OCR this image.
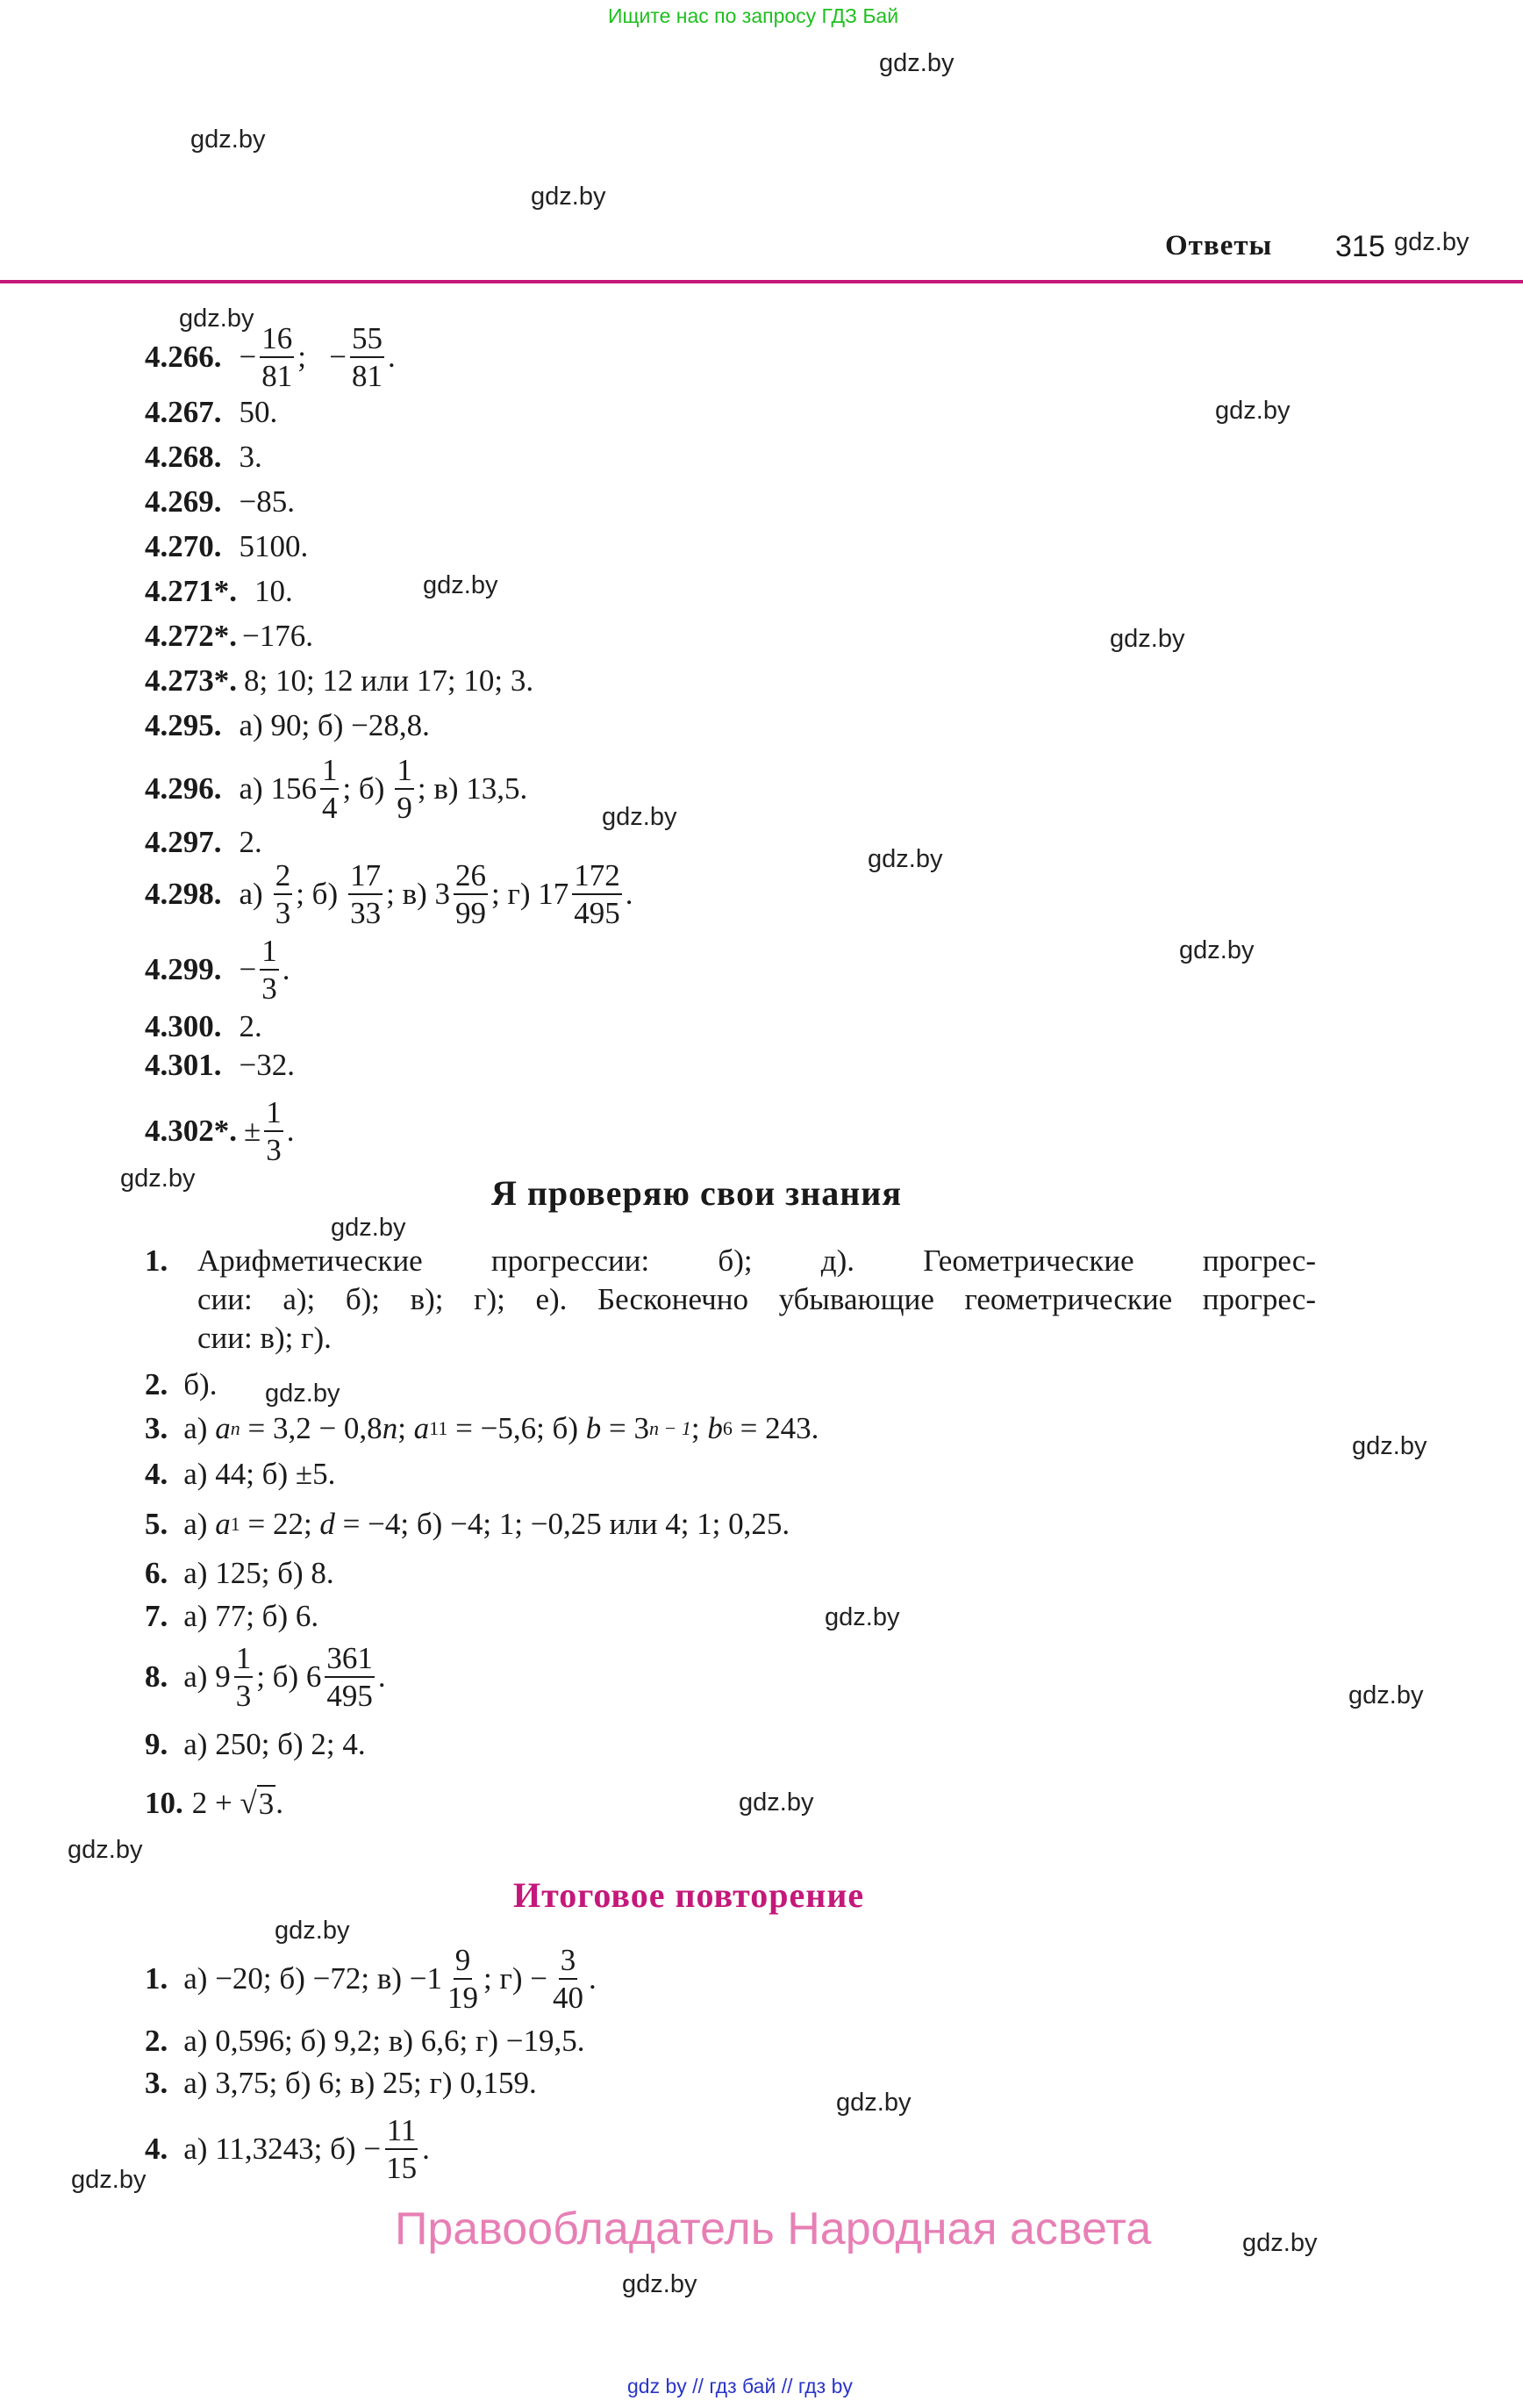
Ищите нас по запросу ГДЗ Бай
gdz.by
gdz.by
gdz.by
gdz.by
gdz.by
gdz.by
gdz.by
gdz.by
gdz.by
gdz.by
gdz.by
gdz.by
gdz.by
gdz.by
gdz.by
gdz.by
gdz.by
gdz.by
gdz.by
gdz.by
gdz.by
gdz.by
gdz.by
gdz.by
Ответы 315
4.266. − $\frac{16}{81}$ ;   − $\frac{55}{81}$ .
4.267. 50.
4.268. 3.
4.269. −85.
4.270. 5100.
4.271*. 10.
4.272*. −176.
4.273*. 8; 10; 12 или 17; 10; 3.
4.295. а) 90; б) −28,8.
4.296. а) $156 \frac{1}{4}$ ; $б) \frac{1}{9}$ ; в) 13,5.
4.297. 2.
4.298. $а) \frac{2}{3}$ ; $б) \frac{17}{33}$ ; в) $3 \frac{26}{99}$ ; г) $17 \frac{172}{495}$ .
4.299. − $\frac{1}{3}$ .
4.300. 2.
4.301. −32.
4.302*. ± $\frac{1}{3}$ .
Я проверяю свои знания
1. Арифметические прогрессии: б); д). Геометрические прогрес-
сии: а); б); в); г); е). Бесконечно убывающие геометрические прогрес-
сии: в); г).
2. б).
3. а) a n = 3,2 − 0,8 n ; a 11 = −5,6; б) b = 3 n − 1 ; b 6 = 243.
4. а) 44; б) ±5.
5. а) a 1 = 22; d = −4; б) −4; 1; −0,25 или 4; 1; 0,25.
6. а) 125; б) 8.
7. а) 77; б) 6.
8. а) $9 \frac{1}{3}$ ; б) $6 \frac{361}{495}$ .
9. а) 250; б) 2; 4.
10. 2 + √ 3 .
Итоговое повторение
1. а) −20; б) −72; $в) -1 \frac{9}{19}$ ; $г) - \frac{3}{40}$ .
2. а) 0,596; б) 9,2; в) 6,6; г) −19,5.
3. а) 3,75; б) 6; в) 25; г) 0,159.
4. а) 11,3243; $б) - \frac{11}{15}$ .
Правообладатель Народная асвета
gdz by // гдз бай // гдз by
